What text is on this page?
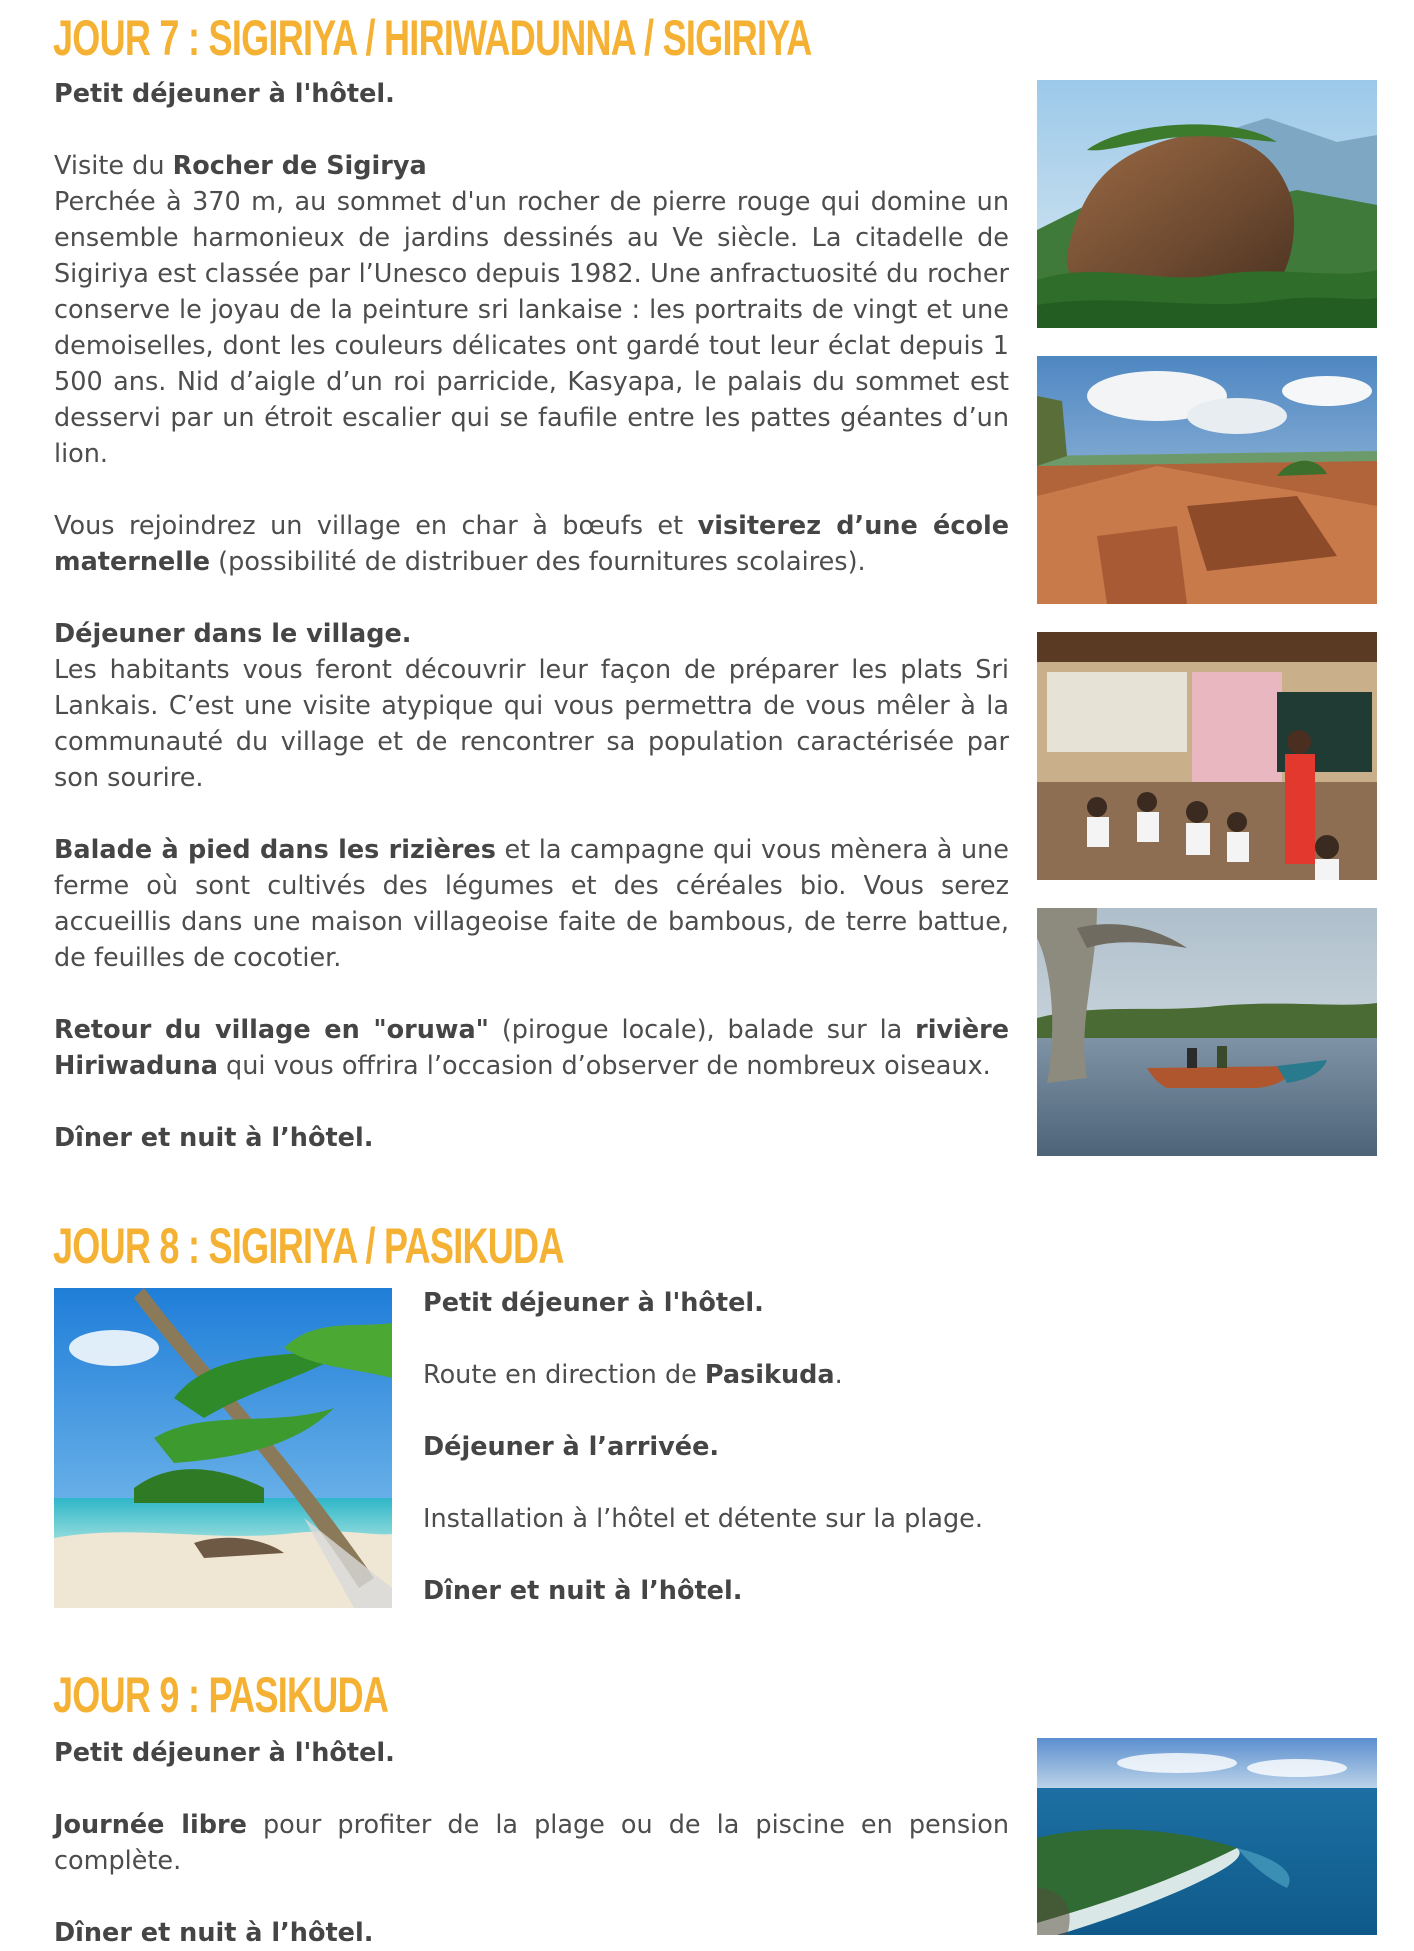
JOUR 7 : SIGIRIYA / HIRIWADUNNA / SIGIRIYA

Petit déjeuner à l'hôtel.

Visite du Rocher de Sigirya
Perchée à 370 m, au sommet d'un rocher de pierre rouge qui domine un ensemble harmonieux de jardins dessinés au Ve siècle. La citadelle de Sigiriya est classée par l’Unesco depuis 1982. Une anfractuosité du rocher conserve le joyau de la peinture sri lankaise : les portraits de vingt et une demoiselles, dont les couleurs délicates ont gardé tout leur éclat depuis 1 500 ans. Nid d’aigle d’un roi parricide, Kasyapa, le palais du sommet est desservi par un étroit escalier qui se faufile entre les pattes géantes d’un lion.

Vous rejoindrez un village en char à bœufs et visiterez d’une école maternelle (possibilité de distribuer des fournitures scolaires).

Déjeuner dans le village.
Les habitants vous feront découvrir leur façon de préparer les plats Sri Lankais. C’est une visite atypique qui vous permettra de vous mêler à la communauté du village et de rencontrer sa population caractérisée par son sourire.

Balade à pied dans les rizières et la campagne qui vous mènera à une ferme où sont cultivés des légumes et des céréales bio. Vous serez accueillis dans une maison villageoise faite de bambous, de terre battue, de feuilles de cocotier.

Retour du village en "oruwa" (pirogue locale), balade sur la rivière Hiriwaduna qui vous offrira l’occasion d’observer de nombreux oiseaux.

Dîner et nuit à l’hôtel.

JOUR 8 : SIGIRIYA / PASIKUDA

Petit déjeuner à l'hôtel.

Route en direction de Pasikuda.

Déjeuner à l’arrivée.

Installation à l’hôtel et détente sur la plage.

Dîner et nuit à l’hôtel.

JOUR 9 : PASIKUDA

Petit déjeuner à l'hôtel.

Journée libre pour profiter de la plage ou de la piscine en pension complète.

Dîner et nuit à l’hôtel.
